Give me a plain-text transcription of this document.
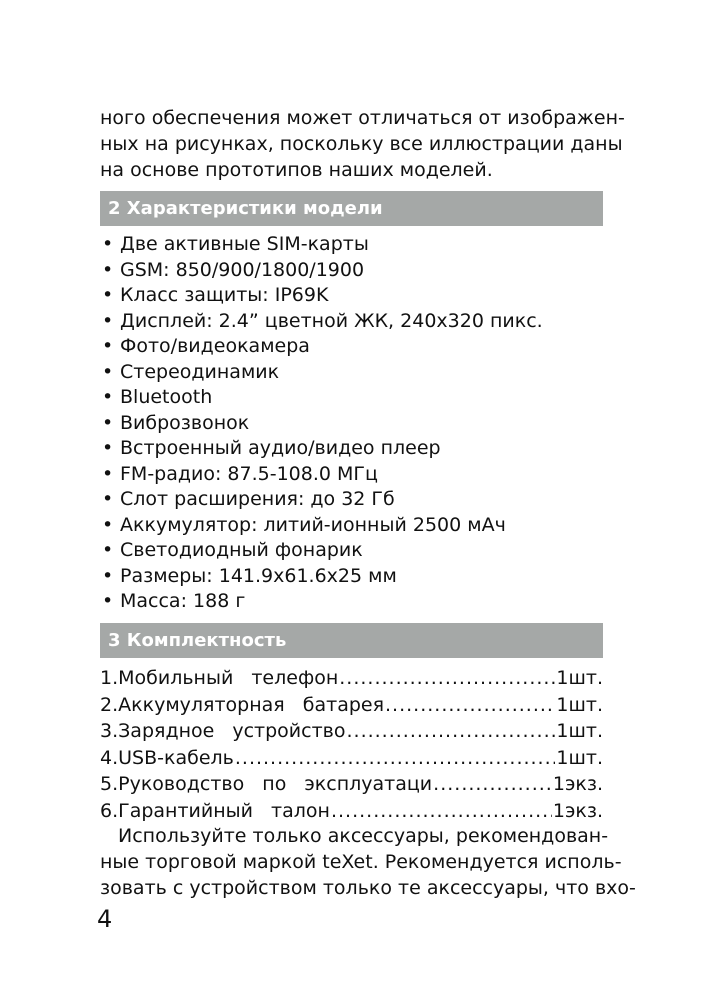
ного обеспечения может отличаться от изображен-
ных на рисунках, поскольку все иллюстрации даны
на основе прототипов наших моделей.
2 Характеристики модели
• Две активные SIM-карты
• GSM: 850/900/1800/1900
• Класс защиты: IP69K
• Дисплей: 2.4” цветной ЖК, 240х320 пикс.
• Фото/видеокамера
• Стереодинамик
• Bluetooth
• Виброзвонок
• Встроенный аудио/видео плеер
• FM-радио: 87.5-108.0 МГц
• Слот расширения: до 32 Гб
• Аккумулятор: литий-ионный 2500 мАч
• Светодиодный фонарик
• Размеры: 141.9х61.6х25 мм
• Масса: 188 г
3 Комплектность
1.Мобильный телефон .....	1шт.
2.Аккумуляторная батарея .....	1шт.
3.Зарядное устройство .....	1шт.
4.USB-кабель .....	1шт.
5.Руководство по эксплуатаци .....	1экз.
6.Гарантийный талон .....	1экз.
Используйте только аксессуары, рекомендован-
ные торговой маркой teXet. Рекомендуется исполь-
зовать с устройством только те аксессуары, что вхо-
4
